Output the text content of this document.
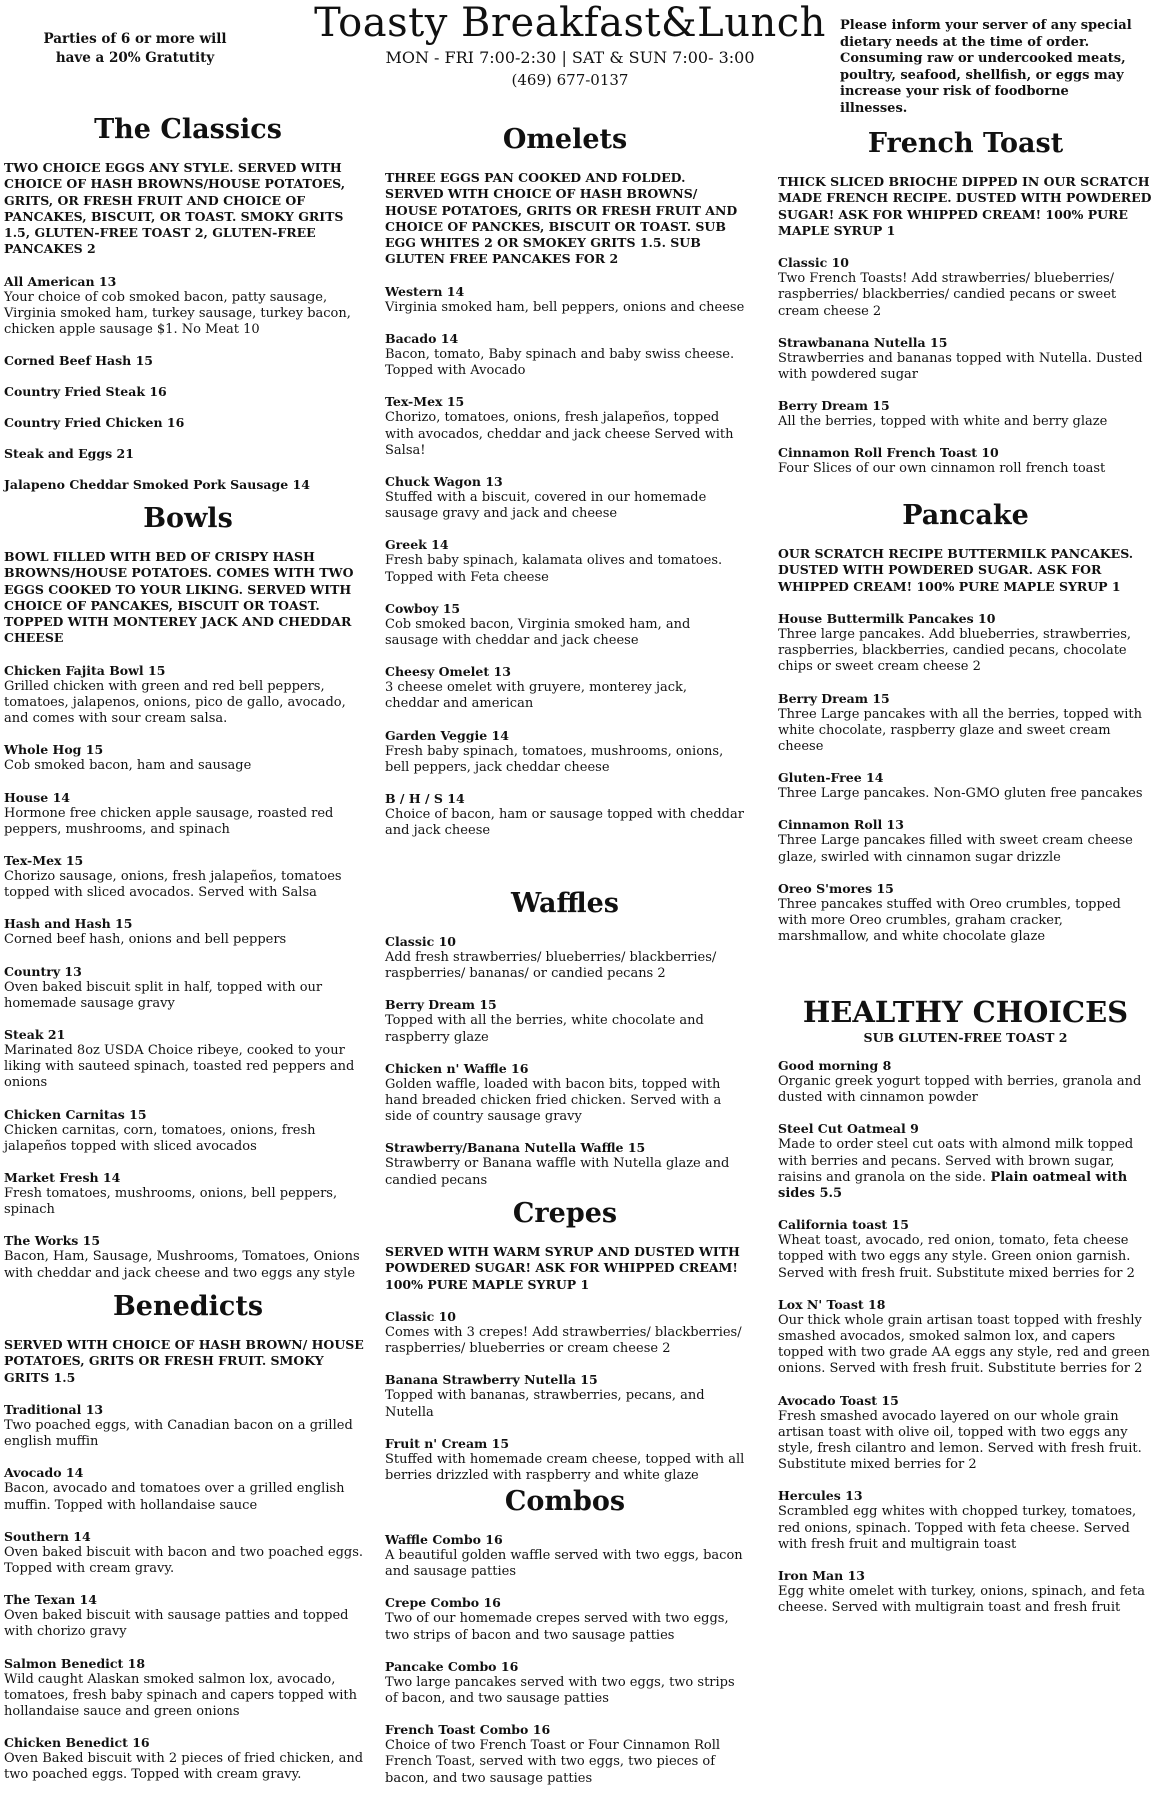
Parties of 6 or more will have a 20% Gratutity
Toasty Breakfast&Lunch
MON - FRI 7:00-2:30 | SAT & SUN 7:00- 3:00
(469) 677-0137
Please inform your server of any special dietary needs at the time of order. Consuming raw or undercooked meats, poultry, seafood, shellfish, or eggs may increase your risk of foodborne illnesses.
The Classics
TWO CHOICE EGGS ANY STYLE. SERVED WITH CHOICE OF HASH BROWNS/HOUSE POTATOES, GRITS, OR FRESH FRUIT AND CHOICE OF PANCAKES, BISCUIT, OR TOAST. SMOKY GRITS 1.5, GLUTEN-FREE TOAST 2, GLUTEN-FREE PANCAKES 2
All American 13
Your choice of cob smoked bacon, patty sausage, Virginia smoked ham, turkey sausage, turkey bacon, chicken apple sausage $1. No Meat 10
Corned Beef Hash 15
Country Fried Steak 16
Country Fried Chicken 16
Steak and Eggs 21
Jalapeno Cheddar Smoked Pork Sausage 14
Bowls
BOWL FILLED WITH BED OF CRISPY HASH BROWNS/HOUSE POTATOES. COMES WITH TWO EGGS COOKED TO YOUR LIKING. SERVED WITH CHOICE OF PANCAKES, BISCUIT OR TOAST. TOPPED WITH MONTEREY JACK AND CHEDDAR CHEESE
Chicken Fajita Bowl 15
Grilled chicken with green and red bell peppers, tomatoes, jalapenos, onions, pico de gallo, avocado, and comes with sour cream salsa.
Whole Hog 15
Cob smoked bacon, ham and sausage
House 14
Hormone free chicken apple sausage, roasted red peppers, mushrooms, and spinach
Tex-Mex 15
Chorizo sausage, onions, fresh jalapeños, tomatoes topped with sliced avocados. Served with Salsa
Hash and Hash 15
Corned beef hash, onions and bell peppers
Country 13
Oven baked biscuit split in half, topped with our homemade sausage gravy
Steak 21
Marinated 8oz USDA Choice ribeye, cooked to your liking with sauteed spinach, toasted red peppers and onions
Chicken Carnitas 15
Chicken carnitas, corn, tomatoes, onions, fresh jalapeños topped with sliced avocados
Market Fresh 14
Fresh tomatoes, mushrooms, onions, bell peppers, spinach
The Works 15
Bacon, Ham, Sausage, Mushrooms, Tomatoes, Onions with cheddar and jack cheese and two eggs any style
Benedicts
SERVED WITH CHOICE OF HASH BROWN/ HOUSE POTATOES, GRITS OR FRESH FRUIT. SMOKY GRITS 1.5
Traditional 13
Two poached eggs, with Canadian bacon on a grilled english muffin
Avocado 14
Bacon, avocado and tomatoes over a grilled english muffin. Topped with hollandaise sauce
Southern 14
Oven baked biscuit with bacon and two poached eggs. Topped with cream gravy.
The Texan 14
Oven baked biscuit with sausage patties and topped with chorizo gravy
Salmon Benedict 18
Wild caught Alaskan smoked salmon lox, avocado, tomatoes, fresh baby spinach and capers topped with hollandaise sauce and green onions
Chicken Benedict 16
Oven Baked biscuit with 2 pieces of fried chicken, and two poached eggs. Topped with cream gravy.
Omelets
THREE EGGS PAN COOKED AND FOLDED. SERVED WITH CHOICE OF HASH BROWNS/ HOUSE POTATOES, GRITS OR FRESH FRUIT AND CHOICE OF PANCKES, BISCUIT OR TOAST. SUB EGG WHITES 2 OR SMOKEY GRITS 1.5. SUB GLUTEN FREE PANCAKES FOR 2
Western 14
Virginia smoked ham, bell peppers, onions and cheese
Bacado 14
Bacon, tomato, Baby spinach and baby swiss cheese. Topped with Avocado
Tex-Mex 15
Chorizo, tomatoes, onions, fresh jalapeños, topped with avocados, cheddar and jack cheese Served with Salsa!
Chuck Wagon 13
Stuffed with a biscuit, covered in our homemade sausage gravy and jack and cheese
Greek 14
Fresh baby spinach, kalamata olives and tomatoes. Topped with Feta cheese
Cowboy 15
Cob smoked bacon, Virginia smoked ham, and sausage with cheddar and jack cheese
Cheesy Omelet 13
3 cheese omelet with gruyere, monterey jack, cheddar and american
Garden Veggie 14
Fresh baby spinach, tomatoes, mushrooms, onions, bell peppers, jack cheddar cheese
B / H / S 14
Choice of bacon, ham or sausage topped with cheddar and jack cheese
Waffles
Classic 10
Add fresh strawberries/ blueberries/ blackberries/ raspberries/ bananas/ or candied pecans 2
Berry Dream 15
Topped with all the berries, white chocolate and raspberry glaze
Chicken n' Waffle 16
Golden waffle, loaded with bacon bits, topped with hand breaded chicken fried chicken. Served with a side of country sausage gravy
Strawberry/Banana Nutella Waffle 15
Strawberry or Banana waffle with Nutella glaze and candied pecans
Crepes
SERVED WITH WARM SYRUP AND DUSTED WITH POWDERED SUGAR! ASK FOR WHIPPED CREAM! 100% PURE MAPLE SYRUP 1
Classic 10
Comes with 3 crepes! Add strawberries/ blackberries/ raspberries/ blueberries or cream cheese 2
Banana Strawberry Nutella 15
Topped with bananas, strawberries, pecans, and Nutella
Fruit n' Cream 15
Stuffed with homemade cream cheese, topped with all berries drizzled with raspberry and white glaze
Combos
Waffle Combo 16
A beautiful golden waffle served with two eggs, bacon and sausage patties
Crepe Combo 16
Two of our homemade crepes served with two eggs, two strips of bacon and two sausage patties
Pancake Combo 16
Two large pancakes served with two eggs, two strips of bacon, and two sausage patties
French Toast Combo 16
Choice of two French Toast or Four Cinnamon Roll French Toast, served with two eggs, two pieces of bacon, and two sausage patties
French Toast
THICK SLICED BRIOCHE DIPPED IN OUR SCRATCH MADE FRENCH RECIPE. DUSTED WITH POWDERED SUGAR! ASK FOR WHIPPED CREAM! 100% PURE MAPLE SYRUP 1
Classic 10
Two French Toasts! Add strawberries/ blueberries/ raspberries/ blackberries/ candied pecans or sweet cream cheese 2
Strawbanana Nutella 15
Strawberries and bananas topped with Nutella. Dusted with powdered sugar
Berry Dream 15
All the berries, topped with white and berry glaze
Cinnamon Roll French Toast 10
Four Slices of our own cinnamon roll french toast
Pancake
OUR SCRATCH RECIPE BUTTERMILK PANCAKES. DUSTED WITH POWDERED SUGAR. ASK FOR WHIPPED CREAM! 100% PURE MAPLE SYRUP 1
House Buttermilk Pancakes 10
Three large pancakes. Add blueberries, strawberries, raspberries, blackberries, candied pecans, chocolate chips or sweet cream cheese 2
Berry Dream 15
Three Large pancakes with all the berries, topped with white chocolate, raspberry glaze and sweet cream cheese
Gluten-Free 14
Three Large pancakes. Non-GMO gluten free pancakes
Cinnamon Roll 13
Three Large pancakes filled with sweet cream cheese glaze, swirled with cinnamon sugar drizzle
Oreo S'mores 15
Three pancakes stuffed with Oreo crumbles, topped with more Oreo crumbles, graham cracker, marshmallow, and white chocolate glaze
HEALTHY CHOICES
SUB GLUTEN-FREE TOAST 2
Good morning 8
Organic greek yogurt topped with berries, granola and dusted with cinnamon powder
Steel Cut Oatmeal 9
Made to order steel cut oats with almond milk topped with berries and pecans. Served with brown sugar, raisins and granola on the side. Plain oatmeal with sides 5.5
California toast 15
Wheat toast, avocado, red onion, tomato, feta cheese topped with two eggs any style. Green onion garnish. Served with fresh fruit. Substitute mixed berries for 2
Lox N' Toast 18
Our thick whole grain artisan toast topped with freshly smashed avocados, smoked salmon lox, and capers topped with two grade AA eggs any style, red and green onions. Served with fresh fruit. Substitute berries for 2
Avocado Toast 15
Fresh smashed avocado layered on our whole grain artisan toast with olive oil, topped with two eggs any style, fresh cilantro and lemon. Served with fresh fruit. Substitute mixed berries for 2
Hercules 13
Scrambled egg whites with chopped turkey, tomatoes, red onions, spinach. Topped with feta cheese. Served with fresh fruit and multigrain toast
Iron Man 13
Egg white omelet with turkey, onions, spinach, and feta cheese. Served with multigrain toast and fresh fruit
